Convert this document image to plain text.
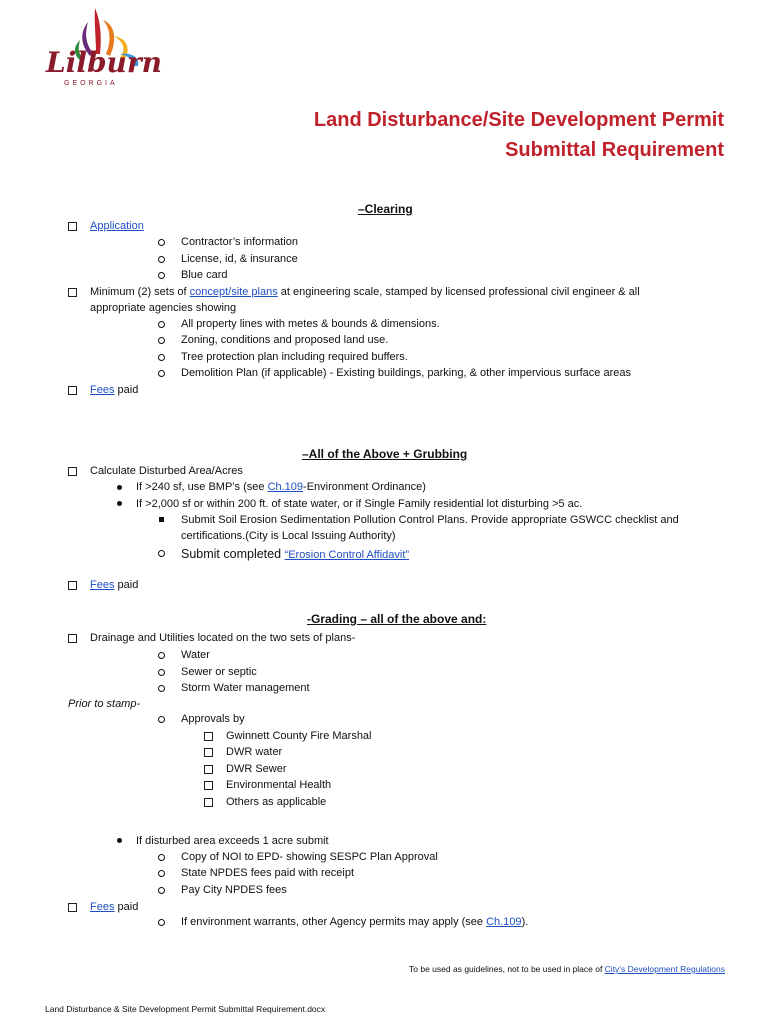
Lilburn
GEORGIA
Land Disturbance/Site Development Permit
Submittal Requirement
–Clearing
Application
Contractor’s information
License, id, & insurance
Blue card
Minimum (2) sets of concept/site plans at engineering scale, stamped by licensed professional civil engineer & all
appropriate agencies showing
All property lines with metes & bounds & dimensions.
Zoning, conditions and proposed land use.
Tree protection plan including required buffers.
Demolition Plan (if applicable) - Existing buildings, parking, & other impervious surface areas
Fees paid
–All of the Above + Grubbing
Calculate Disturbed Area/Acres
If >240 sf, use BMP’s (see Ch.109-Environment Ordinance)
If >2,000 sf or within 200 ft. of state water, or if Single Family residential lot disturbing >5 ac.
Submit Soil Erosion Sedimentation Pollution Control Plans. Provide appropriate GSWCC checklist and
certifications.(City is Local Issuing Authority)
Submit completed “Erosion Control Affidavit”
Fees paid
-Grading – all of the above and:
Drainage and Utilities located on the two sets of plans-
Water
Sewer or septic
Storm Water management
Prior to stamp-
Approvals by
Gwinnett County Fire Marshal
DWR water
DWR Sewer
Environmental Health
Others as applicable
If disturbed area exceeds 1 acre submit
Copy of NOI to EPD- showing SESPC Plan Approval
State NPDES fees paid with receipt
Pay City NPDES fees
Fees paid
If environment warrants, other Agency permits may apply (see Ch.109).
To be used as guidelines, not to be used in place of City’s Development Regulations
Land Disturbance & Site Development Permit Submittal Requirement.docx
